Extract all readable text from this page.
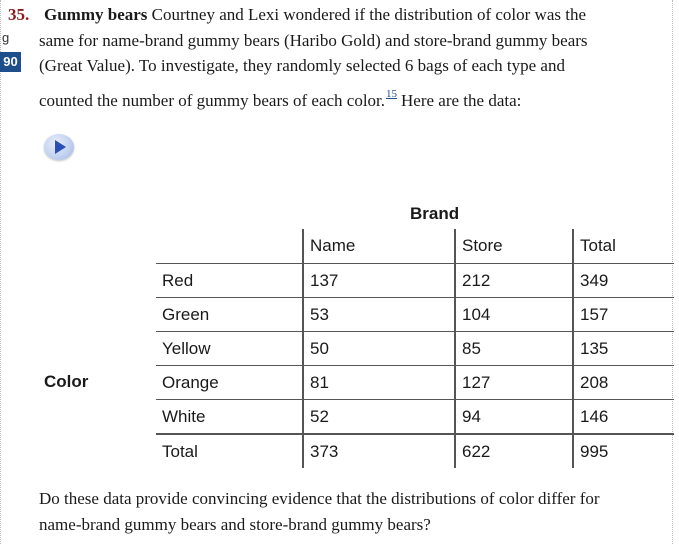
g
90
35. Gummy bears Courtney and Lexi wondered if the distribution of color was the
same for name-brand gummy bears (Haribo Gold) and store-brand gummy bears
(Great Value). To investigate, they randomly selected 6 bags of each type and
counted the number of gummy bears of each color.$^{15}$ Here are the data:
Brand
Color
	Name	Store	Total
Red	137	212	349
Green	53	104	157
Yellow	50	85	135
Orange	81	127	208
White	52	94	146
Total	373	622	995
Do these data provide convincing evidence that the distributions of color differ for
name-brand gummy bears and store-brand gummy bears?
